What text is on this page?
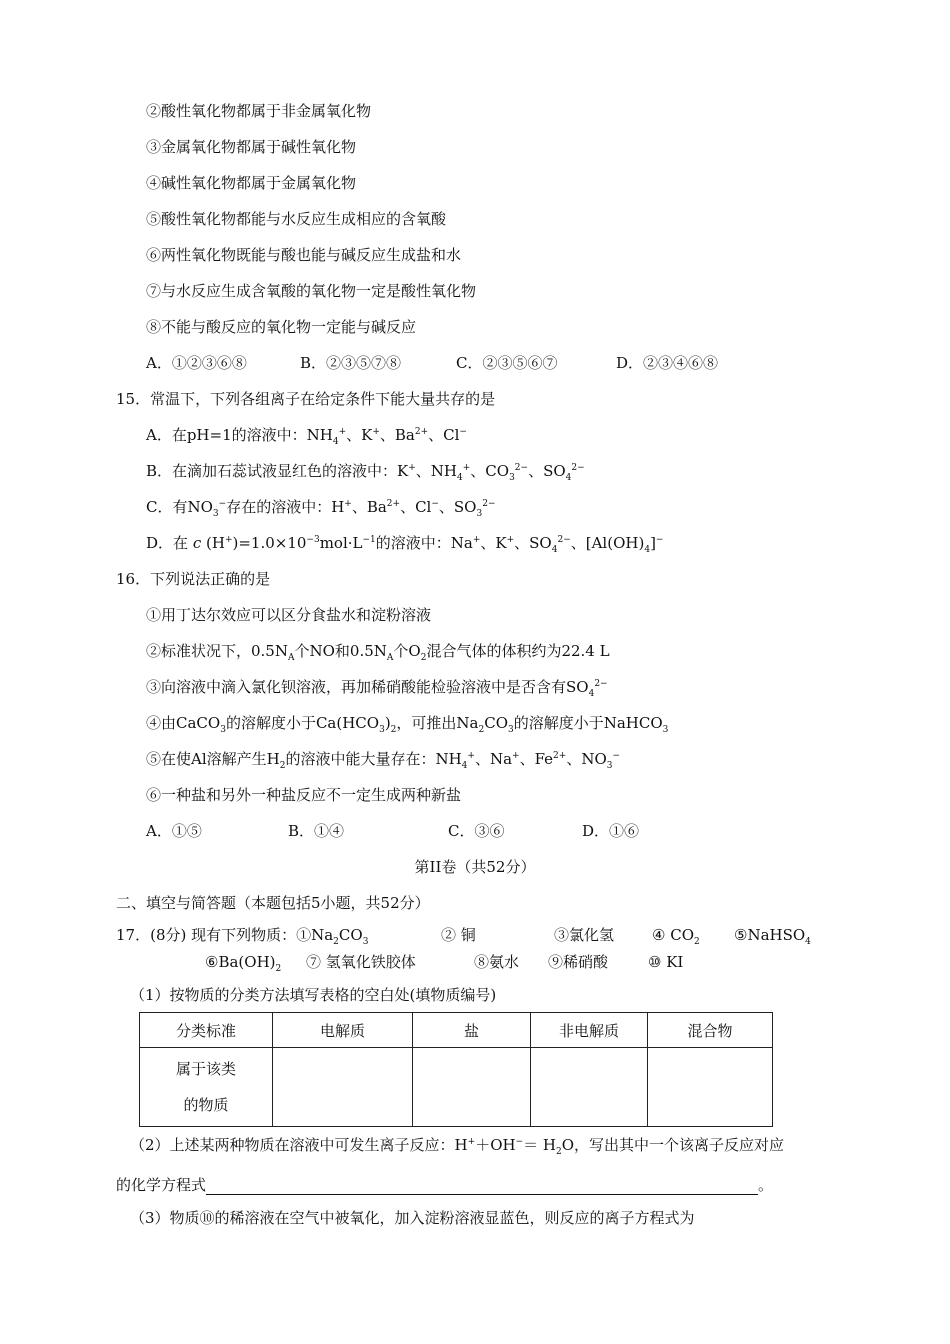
②酸性氧化物都属于非金属氧化物
③金属氧化物都属于碱性氧化物
④碱性氧化物都属于金属氧化物
⑤酸性氧化物都能与水反应生成相应的含氧酸
⑥两性氧化物既能与酸也能与碱反应生成盐和水
⑦与水反应生成含氧酸的氧化物一定是酸性氧化物
⑧不能与酸反应的氧化物一定能与碱反应
A．①②③⑥⑧	B．②③⑤⑦⑧	C．②③⑤⑥⑦	D．②③④⑥⑧
15．常温下，下列各组离子在给定条件下能大量共存的是
A．在pH=1的溶液中：$NH_4^+$、K+、$Ba^{2+}$、Cl−
B．在滴加石蕊试液显红色的溶液中：K+、$NH_4^+$、$CO_3^{2-}$、$SO_4^{2-}$
C．有$NO_3^-$存在的溶液中：H+、$Ba^{2+}$、Cl−、$SO_3^{2-}$
D．在 c $(H^+)=1.0\times 10^{-3}mol\cdot L^{-1}$的溶液中：Na+、K+、$SO_4^{2-}$、$[Al(OH)_4]^-$
16．下列说法正确的是
①用丁达尔效应可以区分食盐水和淀粉溶液
②标准状况下，$0.5N_A$个NO和$0.5N_A$个$O_2$混合气体的体积约为22.4 L
③向溶液中滴入氯化钡溶液，再加稀硝酸能检验溶液中是否含有$SO_4^{2-}$
④由CaCO$_3$的溶解度小于$Ca(HCO_3)_2$，可推出$Na_2CO_3$的溶解度小于NaHCO$_3$
⑤在使Al溶解产生$H_2$的溶液中能大量存在：$NH_4^+$、Na+、$Fe^{2+}$、$NO_3^-$
⑥一种盐和另外一种盐反应不一定生成两种新盐
A．①⑤	B．①④	C．③⑥	D．①⑥
第II卷（共52分）
二、填空与简答题（本题包括5小题，共52分）
17．(8分) 现有下列物质：$①Na_2CO_3$	② 铜	③氯化氢	④ $CO_2$ ⑤NaHSO$_4$
$⑥Ba(OH)_2$ ⑦ 氢氧化铁胶体	⑧氨水 ⑨稀硝酸	⑩ KI
（1）按物质的分类方法填写表格的空白处(填物质编号)
分类标准	电解质	盐	非电解质	混合物
属于该类
的物质				
（2）上述某两种物质在溶液中可发生离子反应：$H^++OH^-= H_2O$，写出其中一个该离子反应对应
的化学方程式	。
（3）物质⑩的稀溶液在空气中被氧化，加入淀粉溶液显蓝色，则反应的离子方程式为
